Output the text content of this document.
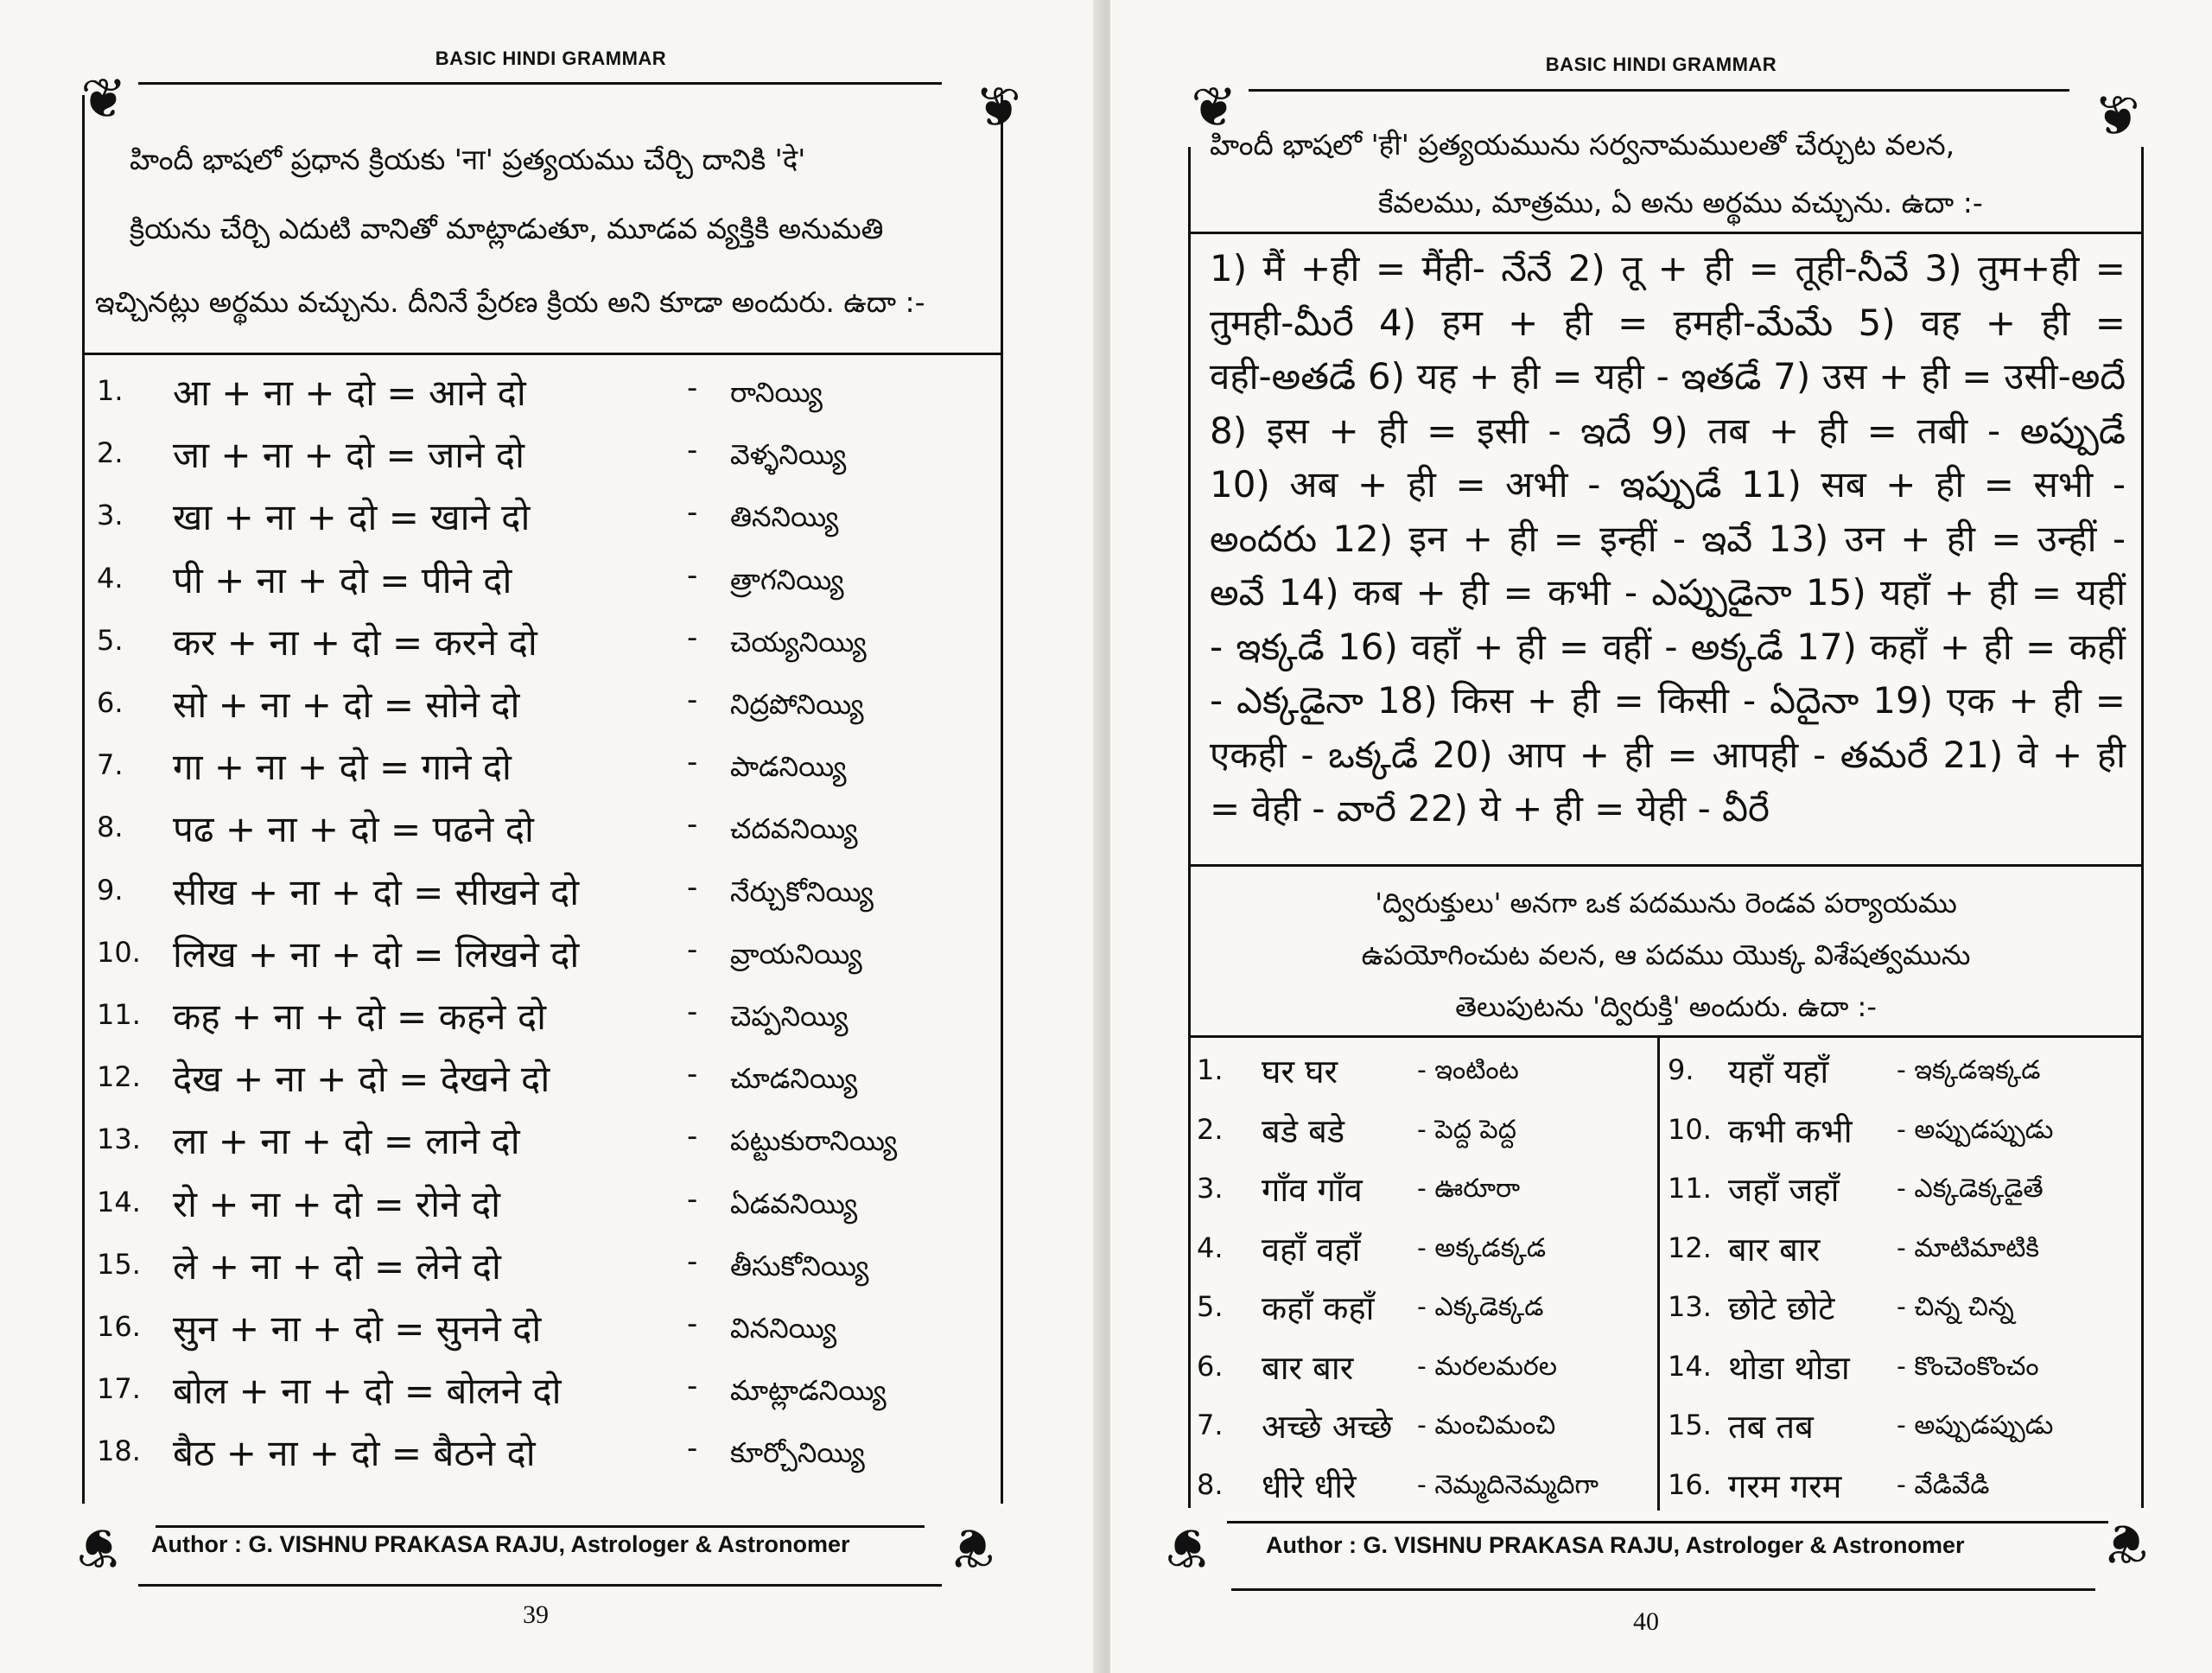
BASIC HINDI GRAMMAR
❦	❦
❦	❦
హిందీ భాషలో ప్రధాన క్రియకు 'ना' ప్రత్యయము చేర్చి దానికి 'दे'
క్రియను చేర్చి ఎదుటి వానితో మాట్లాడుతూ, మూడవ వ్యక్తికి అనుమతి
ఇచ్చినట్లు అర్థము వచ్చును. దీనినే ప్రేరణ క్రియ అని కూడా అందురు. ఉదా :-
1. आ + ना + दो = आने दो	- రానియ్యి
2. जा + ना + दो = जाने दो	- వెళ్ళనియ్యి
3. खा + ना + दो = खाने दो	- తిననియ్యి
4. पी + ना + दो = पीने दो	- త్రాగనియ్యి
5. कर + ना + दो = करने दो	- చెయ్యనియ్యి
6. सो + ना + दो = सोने दो	- నిద్రపోనియ్యి
7. गा + ना + दो = गाने दो	- పాడనియ్యి
8. पढ + ना + दो = पढने दो	- చదవనియ్యి
9. सीख + ना + दो = सीखने दो	- నేర్చుకోనియ్యి
10. लिख + ना + दो = लिखने दो	- వ్రాయనియ్యి
11. कह + ना + दो = कहने दो	- చెప్పనియ్యి
12. देख + ना + दो = देखने दो	- చూడనియ్యి
13. ला + ना + दो = लाने दो	- పట్టుకురానియ్యి
14. रो + ना + दो = रोने दो	- ఏడవనియ్యి
15. ले + ना + दो = लेने दो	- తీసుకోనియ్యి
16. सुन + ना + दो = सुनने दो	- విననియ్యి
17. बोल + ना + दो = बोलने दो	- మాట్లాడనియ్యి
18. बैठ + ना + दो = बैठने दो	- కూర్చోనియ్యి
Author : G. VISHNU PRAKASA RAJU, Astrologer & Astronomer
39
BASIC HINDI GRAMMAR
❦	❦
❦	❦
హిందీ భాషలో 'ही' ప్రత్యయమును సర్వనామములతో చేర్చుట వలన,
కేవలము, మాత్రము, ఏ అను అర్థము వచ్చును. ఉదా :-
1) मैं +ही = मैंही- నేనే 2) तू + ही = तूही-నీవే 3) तुम+ही =
तुमही-మీరే 4) हम + ही = हमही-మేమే 5) वह + ही =
वही-అతడే 6) यह + ही = यही - ఇతడే 7) उस + ही = उसी-అదే
8) इस + ही = इसी - ఇదే 9) तब + ही = तबी - అప్పుడే
10) अब + ही = अभी - ఇప్పుడే 11) सब + ही = सभी -
అందరు 12) इन + ही = इन्हीं - ఇవే 13) उन + ही = उन्हीं -
అవే 14) कब + ही = कभी - ఎప్పుడైనా 15) यहाँ + ही = यहीं
- ఇక్కడే 16) वहाँ + ही = वहीं - అక్కడే 17) कहाँ + ही = कहीं
- ఎక్కడైనా 18) किस + ही = किसी - ఏదైనా 19) एक + ही =
एकही - ఒక్కడే 20) आप + ही = आपही - తమరే 21) वे + ही
= वेही - వారే 22) ये + ही = येही - వీరే
'ద్విరుక్తులు' అనగా ఒక పదమును రెండవ పర్యాయము
ఉపయోగించుట వలన, ఆ పదము యొక్క విశేషత్వమును
తెలుపుటను 'ద్విరుక్తి' అందురు. ఉదా :-
1. घर घर	- ఇంటింట
2. बडे बडे	- పెద్ద పెద్ద
3. गाँव गाँव - ఊరూరా
4. वहाँ वहाँ - అక్కడక్కడ
5. कहाँ कहाँ - ఎక్కడెక్కడ
6. बार बार - మరలమరల
7. अच्छे अच्छे - మంచిమంచి
8. धीरे धीरे - నెమ్మదినెమ్మదిగా
9. यहाँ यहाँ	- ఇక్కడఇక్కడ
10. कभी कभी - అప్పుడప్పుడు
11. जहाँ जहाँ - ఎక్కడెక్కడైతే
12. बार बार	- మాటిమాటికి
13. छोटे छोटे - చిన్న చిన్న
14. थोडा थोडा - కొంచెంకొంచం
15. तब तब	- అప్పుడప్పుడు
16. गरम गरम - వేడివేడి
Author : G. VISHNU PRAKASA RAJU, Astrologer & Astronomer
40
